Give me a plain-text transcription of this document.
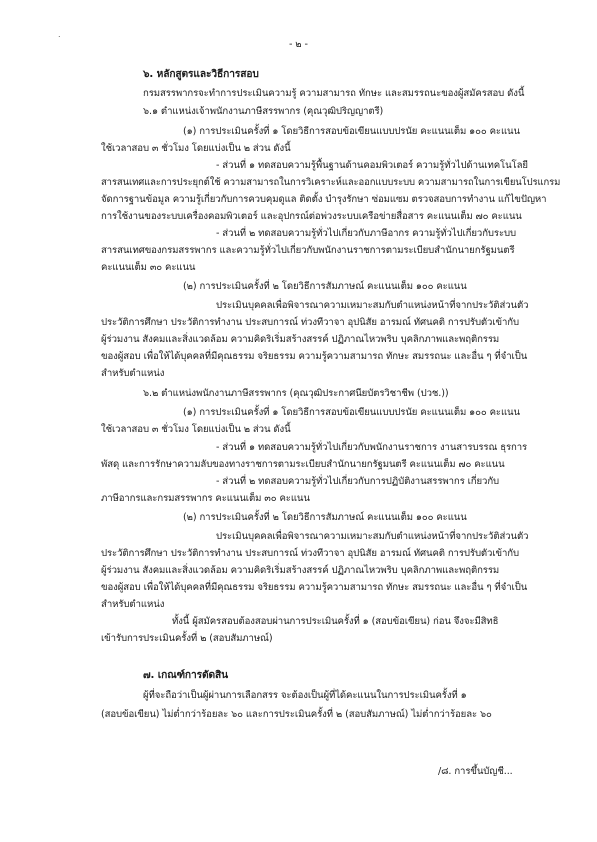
.
- ๒ -
๖. หลักสูตรและวิธีการสอบ
กรมสรรพากรจะทำการประเมินความรู้ ความสามารถ ทักษะ และสมรรถนะของผู้สมัครสอบ ดังนี้
๖.๑ ตำแหน่งเจ้าพนักงานภาษีสรรพากร (คุณวุฒิปริญญาตรี)
(๑) การประเมินครั้งที่ ๑ โดยวิธีการสอบข้อเขียนแบบปรนัย คะแนนเต็ม ๑๐๐ คะแนน
ใช้เวลาสอบ ๓ ชั่วโมง โดยแบ่งเป็น ๒ ส่วน ดังนี้
- ส่วนที่ ๑ ทดสอบความรู้พื้นฐานด้านคอมพิวเตอร์ ความรู้ทั่วไปด้านเทคโนโลยี
สารสนเทศและการประยุกต์ใช้ ความสามารถในการวิเคราะห์และออกแบบระบบ ความสามารถในการเขียนโปรแกรม
จัดการฐานข้อมูล ความรู้เกี่ยวกับการควบคุมดูแล ติดตั้ง บำรุงรักษา ซ่อมแซม ตรวจสอบการทำงาน แก้ไขปัญหา
การใช้งานของระบบเครื่องคอมพิวเตอร์ และอุปกรณ์ต่อพ่วงระบบเครือข่ายสื่อสาร คะแนนเต็ม ๗๐ คะแนน
- ส่วนที่ ๒ ทดสอบความรู้ทั่วไปเกี่ยวกับภาษีอากร ความรู้ทั่วไปเกี่ยวกับระบบ
สารสนเทศของกรมสรรพากร และความรู้ทั่วไปเกี่ยวกับพนักงานราชการตามระเบียบสำนักนายกรัฐมนตรี
คะแนนเต็ม ๓๐ คะแนน
(๒) การประเมินครั้งที่ ๒ โดยวิธีการสัมภาษณ์ คะแนนเต็ม ๑๐๐ คะแนน
ประเมินบุคคลเพื่อพิจารณาความเหมาะสมกับตำแหน่งหน้าที่จากประวัติส่วนตัว
ประวัติการศึกษา ประวัติการทำงาน ประสบการณ์ ท่วงทีวาจา อุปนิสัย อารมณ์ ทัศนคติ การปรับตัวเข้ากับ
ผู้ร่วมงาน สังคมและสิ่งแวดล้อม ความคิดริเริ่มสร้างสรรค์ ปฏิภาณไหวพริบ บุคลิกภาพและพฤติกรรม
ของผู้สอบ เพื่อให้ได้บุคคลที่มีคุณธรรม จริยธรรม ความรู้ความสามารถ ทักษะ สมรรถนะ และอื่น ๆ ที่จำเป็น
สำหรับตำแหน่ง
๖.๒ ตำแหน่งพนักงานภาษีสรรพากร (คุณวุฒิประกาศนียบัตรวิชาชีพ (ปวช.))
(๑) การประเมินครั้งที่ ๑ โดยวิธีการสอบข้อเขียนแบบปรนัย คะแนนเต็ม ๑๐๐ คะแนน
ใช้เวลาสอบ ๓ ชั่วโมง โดยแบ่งเป็น ๒ ส่วน ดังนี้
- ส่วนที่ ๑ ทดสอบความรู้ทั่วไปเกี่ยวกับพนักงานราชการ งานสารบรรณ ธุรการ
พัสดุ และการรักษาความลับของทางราชการตามระเบียบสำนักนายกรัฐมนตรี คะแนนเต็ม ๗๐ คะแนน
- ส่วนที่ ๒ ทดสอบความรู้ทั่วไปเกี่ยวกับการปฏิบัติงานสรรพากร เกี่ยวกับ
ภาษีอากรและกรมสรรพากร คะแนนเต็ม ๓๐ คะแนน
(๒) การประเมินครั้งที่ ๒ โดยวิธีการสัมภาษณ์ คะแนนเต็ม ๑๐๐ คะแนน
ประเมินบุคคลเพื่อพิจารณาความเหมาะสมกับตำแหน่งหน้าที่จากประวัติส่วนตัว
ประวัติการศึกษา ประวัติการทำงาน ประสบการณ์ ท่วงทีวาจา อุปนิสัย อารมณ์ ทัศนคติ การปรับตัวเข้ากับ
ผู้ร่วมงาน สังคมและสิ่งแวดล้อม ความคิดริเริ่มสร้างสรรค์ ปฏิภาณไหวพริบ บุคลิกภาพและพฤติกรรม
ของผู้สอบ เพื่อให้ได้บุคคลที่มีคุณธรรม จริยธรรม ความรู้ความสามารถ ทักษะ สมรรถนะ และอื่น ๆ ที่จำเป็น
สำหรับตำแหน่ง
ทั้งนี้ ผู้สมัครสอบต้องสอบผ่านการประเมินครั้งที่ ๑ (สอบข้อเขียน) ก่อน จึงจะมีสิทธิ
เข้ารับการประเมินครั้งที่ ๒ (สอบสัมภาษณ์)
๗. เกณฑ์การตัดสิน
ผู้ที่จะถือว่าเป็นผู้ผ่านการเลือกสรร จะต้องเป็นผู้ที่ได้คะแนนในการประเมินครั้งที่ ๑
(สอบข้อเขียน) ไม่ต่ำกว่าร้อยละ ๖๐ และการประเมินครั้งที่ ๒ (สอบสัมภาษณ์) ไม่ต่ำกว่าร้อยละ ๖๐
/๘. การขึ้นบัญชี...
